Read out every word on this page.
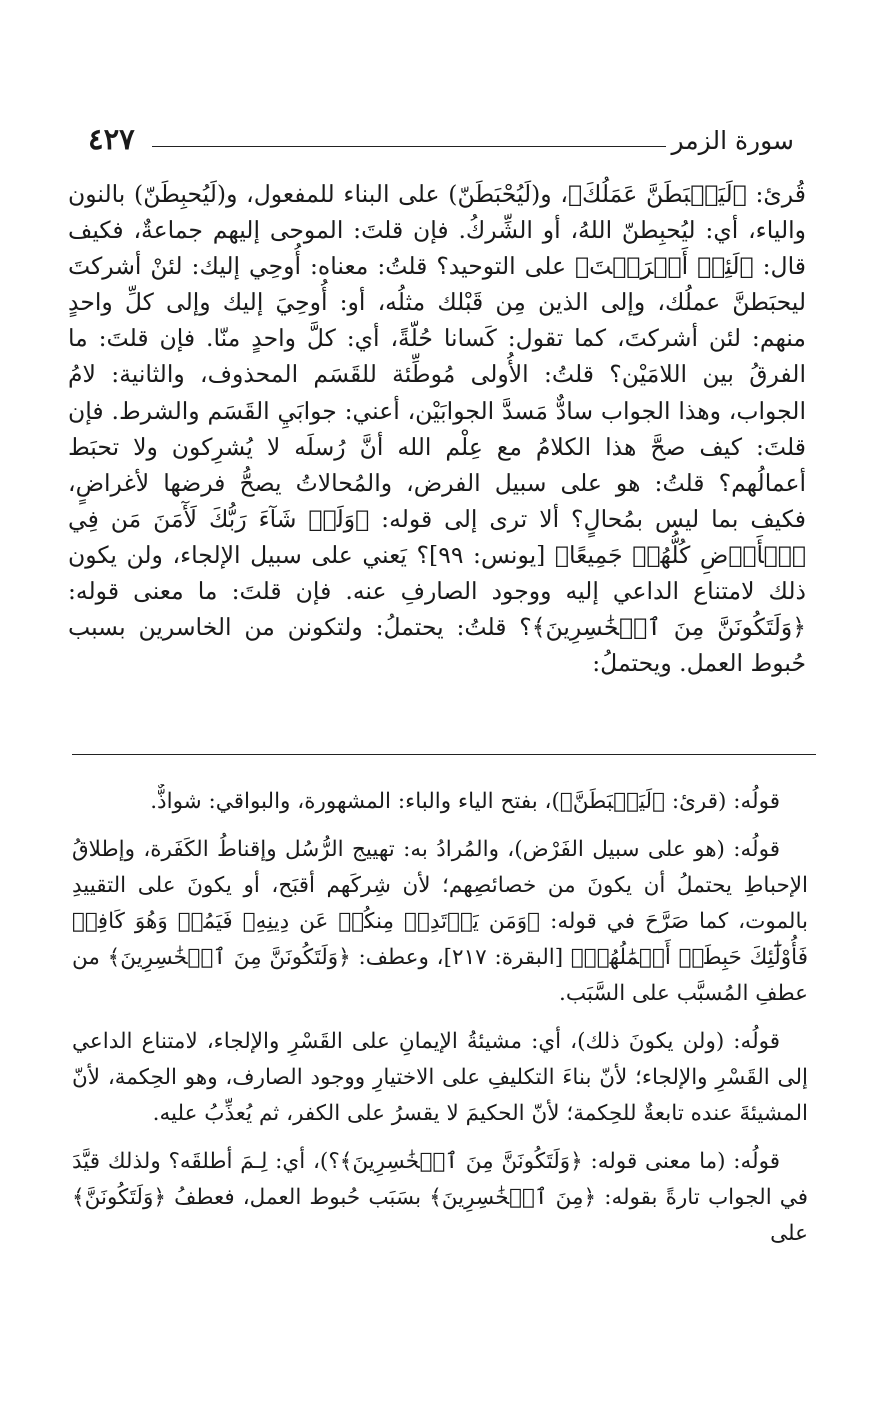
٤٢٧	سورة الزمر
قُرئ: ﴿لَيَحۡبَطَنَّ عَمَلُكَ﴾، و(لَيُحْبَطَنّ) على البناء للمفعول، و(لَيُحبِطَنّ) بالنون والياء، أي: ليُحبِطنّ اللهُ، أو الشِّركُ. فإن قلتَ: الموحى إليهم جماعةٌ، فكيف قال: ﴿لَئِنۡ أَشۡرَكۡتَ﴾ على التوحيد؟ قلتُ: معناه: أُوحِي إليك: لئنْ أشركتَ ليحبَطنَّ عملُك، وإلى الذين مِن قَبْلك مثلُه، أو: أُوحِيَ إليك وإلى كلِّ واحدٍ منهم: لئن أشركتَ، كما تقول: كَسانا حُلّةً، أي: كلَّ واحدٍ منّا. فإن قلتَ: ما الفرقُ بين اللامَيْن؟ قلتُ: الأُولى مُوطِّئة للقَسَم المحذوف، والثانية: لامُ الجواب، وهذا الجواب سادٌّ مَسدَّ الجوابَيْن، أعني: جوابَيِ القَسَم والشرط. فإن قلتَ: كيف صحَّ هذا الكلامُ مع عِلْم الله أنَّ رُسلَه لا يُشرِكون ولا تحبَط أعمالُهم؟ قلتُ: هو على سبيل الفرض، والمُحالاتُ يصحُّ فرضها لأغراضٍ، فكيف بما ليس بمُحالٍ؟ ألا ترى إلى قوله: ﴿وَلَوۡ شَآءَ رَبُّكَ لَأٓمَنَ مَن فِي ٱلۡأَرۡضِ كُلُّهُمۡ جَمِيعًا﴾ [يونس: ٩٩]؟ يَعني على سبيل الإلجاء، ولن يكون ذلك لامتناع الداعي إليه ووجود الصارفِ عنه. فإن قلتَ: ما معنى قوله: ﴿وَلَتَكُونَنَّ مِنَ ٱلۡخَٰسِرِينَ﴾؟ قلتُ: يحتملُ: ولتكونن من الخاسرين بسبب حُبوط العمل. ويحتملُ:

قولُه: (قرئ: ﴿لَيَحۡبَطَنَّ﴾)، بفتح الياء والباء: المشهورة، والبواقي: شواذٌّ.

قولُه: (هو على سبيل الفَرْض)، والمُرادُ به: تهييج الرُّسُل وإقناطُ الكَفَرة، وإطلاقُ الإحباطِ يحتملُ أن يكونَ من خصائصِهم؛ لأن شِركَهم أقبَح، أو يكونَ على التقييدِ بالموت، كما صَرَّحَ في قوله: ﴿وَمَن يَرۡتَدِدۡ مِنكُمۡ عَن دِينِهِۦ فَيَمُتۡ وَهُوَ كَافِرٞ فَأُوْلَٰٓئِكَ حَبِطَتۡ أَعۡمَٰلُهُمۡ﴾ [البقرة: ٢١٧]، وعطف: ﴿وَلَتَكُونَنَّ مِنَ ٱلۡخَٰسِرِينَ﴾ من عطفِ المُسبَّب على السَّبَب.

قولُه: (ولن يكونَ ذلك)، أي: مشيئةُ الإيمانِ على القَسْرِ والإلجاء، لامتناع الداعي إلى القَسْرِ والإلجاء؛ لأنّ بناءَ التكليفِ على الاختيارِ ووجود الصارف، وهو الحِكمة، لأنّ المشيئةَ عنده تابعةٌ للحِكمة؛ لأنّ الحكيمَ لا يقسرُ على الكفر، ثم يُعذِّبُ عليه.

قولُه: (ما معنى قوله: ﴿وَلَتَكُونَنَّ مِنَ ٱلۡخَٰسِرِينَ﴾؟)، أي: لِـمَ أطلقَه؟ ولذلك قيَّدَ في الجواب تارةً بقوله: ﴿مِنَ ٱلۡخَٰسِرِينَ﴾ بسَبَب حُبوط العمل، فعطفُ ﴿وَلَتَكُونَنَّ﴾ على
